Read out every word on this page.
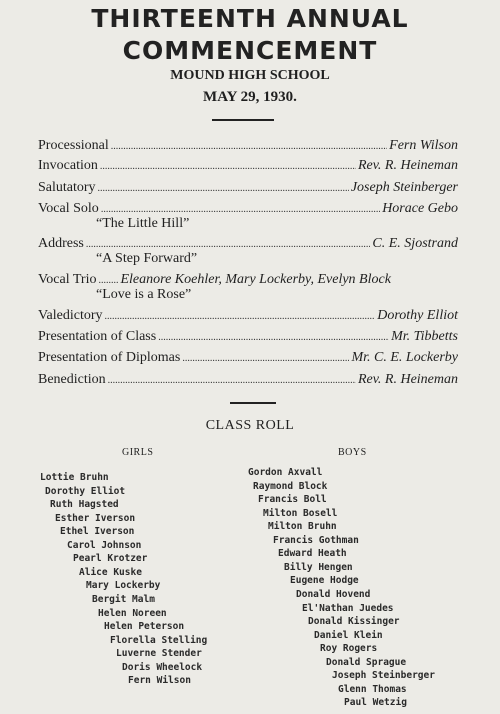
THIRTEENTH ANNUAL
COMMENCEMENT
MOUND HIGH SCHOOL
MAY 29, 1930.
Processional .....	Fern Wilson
Invocation .....	Rev. R. Heineman
Salutatory .....	Joseph Steinberger
Vocal Solo .....	Horace Gebo
“The Little Hill”
Address .....	C. E. Sjostrand
“A Step Forward”
Vocal Trio ..... Eleanore Koehler, Mary Lockerby, Evelyn Block
“Love is a Rose”
Valedictory .....	Dorothy Elliot
Presentation of Class .....	Mr. Tibbetts
Presentation of Diplomas .....	Mr. C. E. Lockerby
Benediction .....	Rev. R. Heineman
CLASS ROLL
GIRLS	BOYS
Lottie Bruhn
Dorothy Elliot
Ruth Hagsted
Esther Iverson
Ethel Iverson
Carol Johnson
Pearl Krotzer
Alice Kuske
Mary Lockerby
Bergit Malm
Helen Noreen
Helen Peterson
Florella Stelling
Luverne Stender
Doris Wheelock
Fern Wilson
Gordon Axvall
Raymond Block
Francis Boll
Milton Bosell
Milton Bruhn
Francis Gothman
Edward Heath
Billy Hengen
Eugene Hodge
Donald Hovend
El'Nathan Juedes
Donald Kissinger
Daniel Klein
Roy Rogers
Donald Sprague
Joseph Steinberger
Glenn Thomas
Paul Wetzig
